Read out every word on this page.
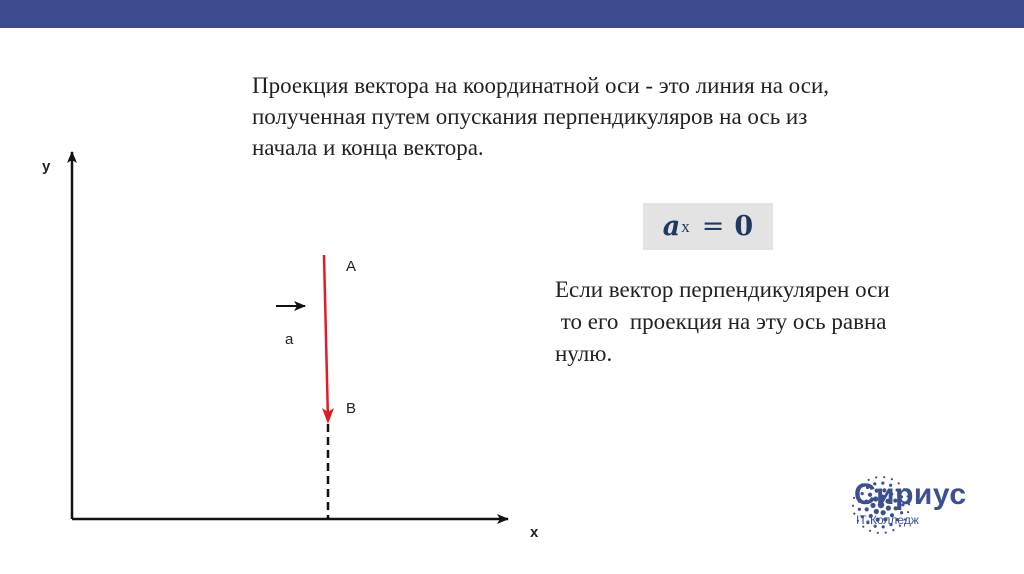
Проекция вектора на координатной оси - это линия на оси,
полученная путем опускания перпендикуляров на ось из
начала и конца вектора.
a x = 0
Если вектор перпендикулярен оси
то его  проекция на эту ось равна
нулю.
y
x
A
B
a
Сириус
IT-Колледж
